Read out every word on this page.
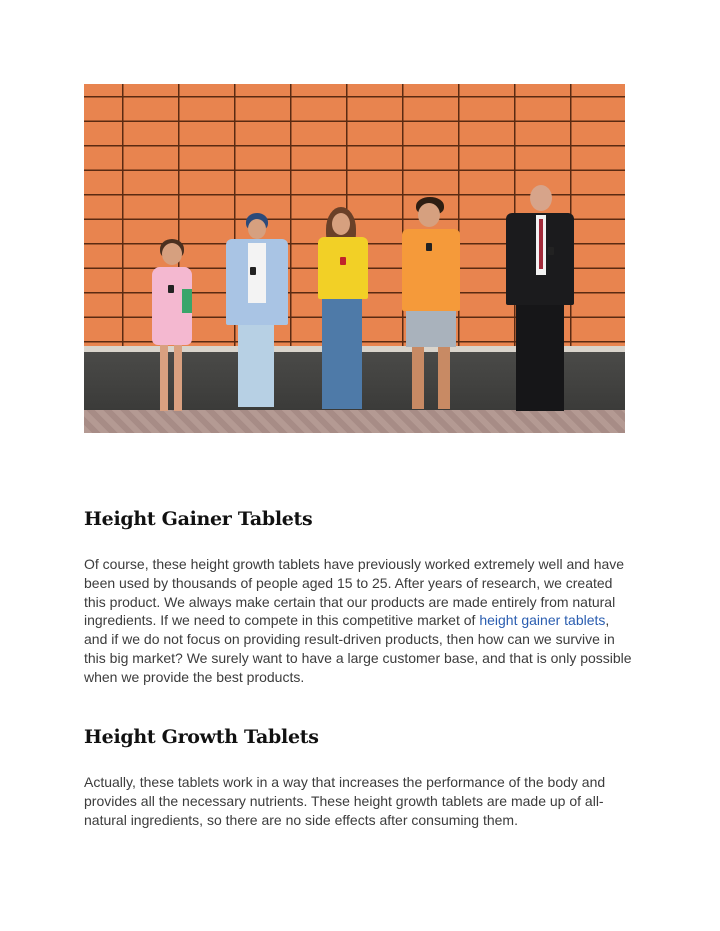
Height Gainer Tablets

Of course, these height growth tablets have previously worked extremely well and have been used by thousands of people aged 15 to 25. After years of research, we created this product. We always make certain that our products are made entirely from natural ingredients. If we need to compete in this competitive market of height gainer tablets, and if we do not focus on providing result-driven products, then how can we survive in this big market? We surely want to have a large customer base, and that is only possible when we provide the best products.

Height Growth Tablets

Actually, these tablets work in a way that increases the performance of the body and provides all the necessary nutrients. These height growth tablets are made up of all-natural ingredients, so there are no side effects after consuming them.
